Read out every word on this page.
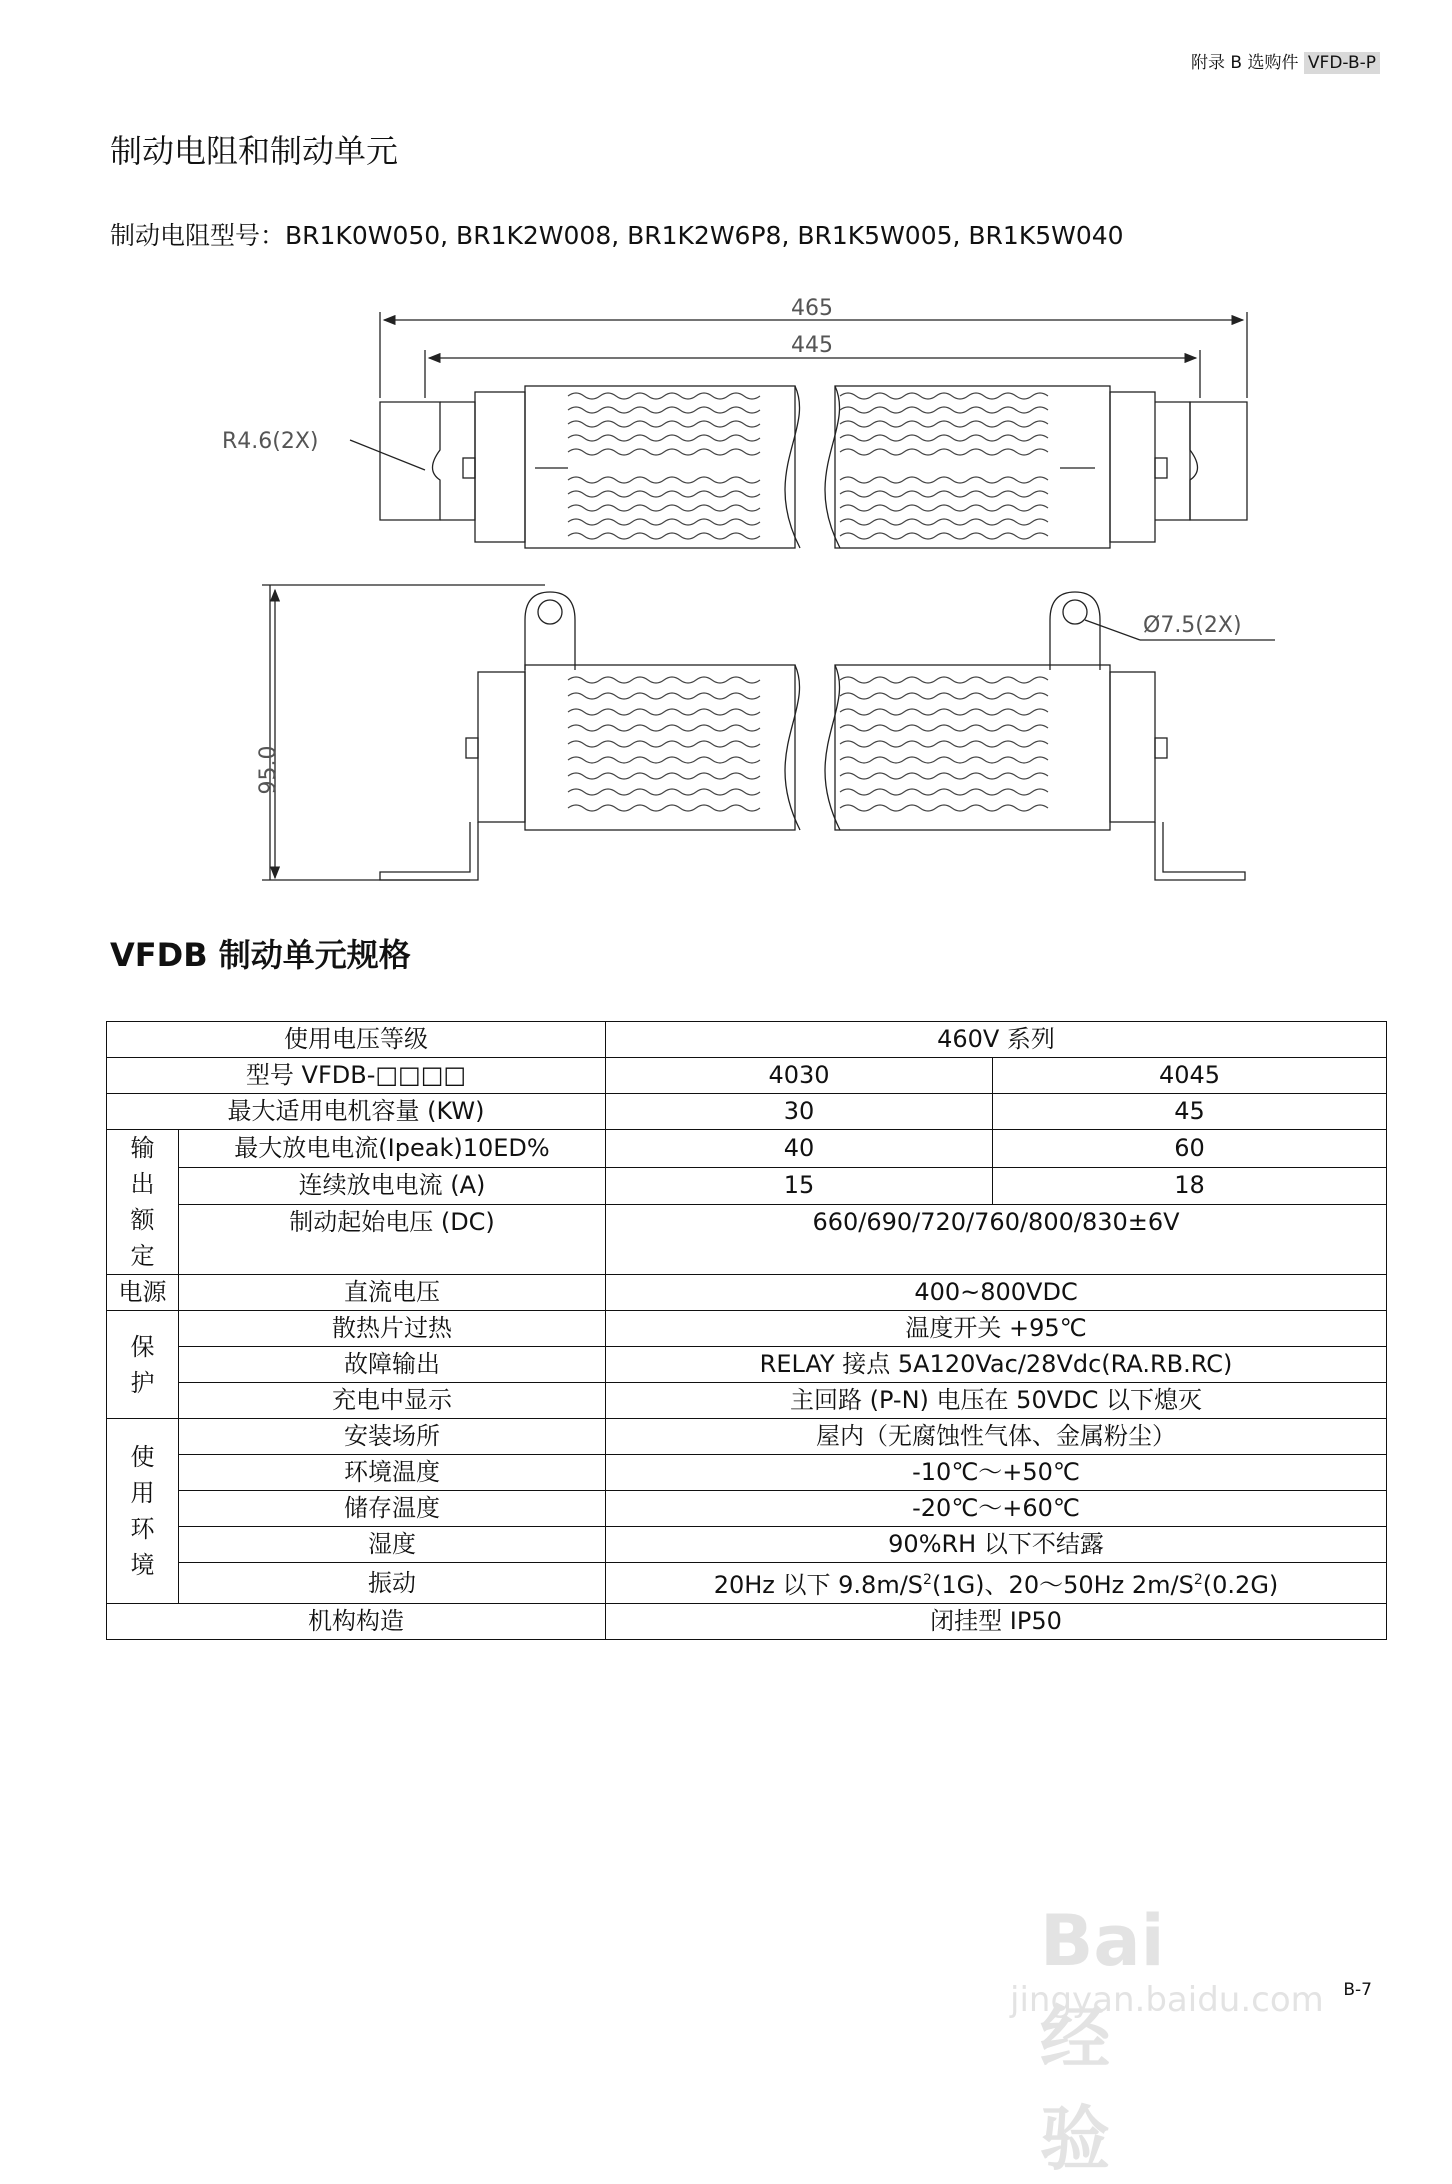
附录 B 选购件 VFD-B-P
制动电阻和制动单元
制动电阻型号：BR1K0W050, BR1K2W008, BR1K2W6P8, BR1K5W005, BR1K5W040
465
445
R4.6(2X)
Ø7.5(2X)
95.0
VFDB 制动单元规格
使用电压等级		460V 系列	
型号 VFDB-□□□□		4030	4045
最大适用电机容量 (KW)		30	45

输
出
额
定	最大放电电流(Ipeak)10ED%	40	60
	连续放电电流 (A)	15	18
	制动起始电压 (DC)	660/690/720/760/800/830±6V	
电源	直流电压	400~800VDC	

保
护	散热片过热	温度开关 +95℃	
	故障输出	RELAY 接点 5A120Vac/28Vdc(RA.RB.RC)	
	充电中显示	主回路 (P-N) 电压在 50VDC 以下熄灭	

使
用
环
境	安装场所	屋内（无腐蚀性气体、金属粉尘）	
	环境温度	-10℃～+50℃	
	储存温度	-20℃～+60℃	
	湿度	90%RH 以下不结露	
	振动	20Hz 以下 $9.8m/S^2(1G)$、20～50Hz $2m/S^2(0.2G)$	
机构构造		闭挂型 IP50	
Bai经验
jingyan.baidu.com B-7
